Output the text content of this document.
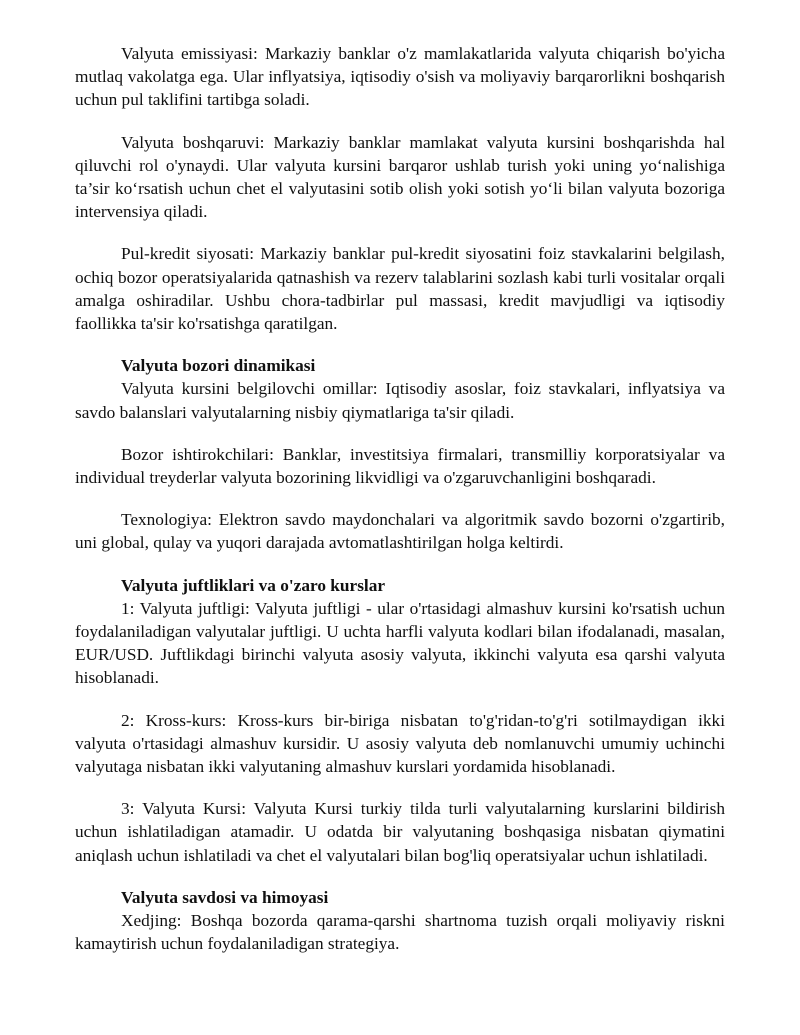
Valyuta emissiyasi: Markaziy banklar o'z mamlakatlarida valyuta chiqarish bo'yicha mutlaq vakolatga ega. Ular inflyatsiya, iqtisodiy o'sish va moliyaviy barqarorlikni boshqarish uchun pul taklifini tartibga soladi.

Valyuta boshqaruvi: Markaziy banklar mamlakat valyuta kursini boshqarishda hal qiluvchi rol o'ynaydi. Ular valyuta kursini barqaror ushlab turish yoki uning yo‘nalishiga ta’sir ko‘rsatish uchun chet el valyutasini sotib olish yoki sotish yo‘li bilan valyuta bozoriga intervensiya qiladi.

Pul-kredit siyosati: Markaziy banklar pul-kredit siyosatini foiz stavkalarini belgilash, ochiq bozor operatsiyalarida qatnashish va rezerv talablarini sozlash kabi turli vositalar orqali amalga oshiradilar. Ushbu chora-tadbirlar pul massasi, kredit mavjudligi va iqtisodiy faollikka ta'sir ko'rsatishga qaratilgan.

Valyuta bozori dinamikasi

Valyuta kursini belgilovchi omillar: Iqtisodiy asoslar, foiz stavkalari, inflyatsiya va savdo balanslari valyutalarning nisbiy qiymatlariga ta'sir qiladi.

Bozor ishtirokchilari: Banklar, investitsiya firmalari, transmilliy korporatsiyalar va individual treyderlar valyuta bozorining likvidligi va o'zgaruvchanligini boshqaradi.

Texnologiya: Elektron savdo maydonchalari va algoritmik savdo bozorni o'zgartirib, uni global, qulay va yuqori darajada avtomatlashtirilgan holga keltirdi.

Valyuta juftliklari va o'zaro kurslar

1: Valyuta juftligi: Valyuta juftligi - ular o'rtasidagi almashuv kursini ko'rsatish uchun foydalaniladigan valyutalar juftligi. U uchta harfli valyuta kodlari bilan ifodalanadi, masalan, EUR/USD. Juftlikdagi birinchi valyuta asosiy valyuta, ikkinchi valyuta esa qarshi valyuta hisoblanadi.

2: Kross-kurs: Kross-kurs bir-biriga nisbatan to'g'ridan-to'g'ri sotilmaydigan ikki valyuta o'rtasidagi almashuv kursidir. U asosiy valyuta deb nomlanuvchi umumiy uchinchi valyutaga nisbatan ikki valyutaning almashuv kurslari yordamida hisoblanadi.

3: Valyuta Kursi: Valyuta Kursi turkiy tilda turli valyutalarning kurslarini bildirish uchun ishlatiladigan atamadir. U odatda bir valyutaning boshqasiga nisbatan qiymatini aniqlash uchun ishlatiladi va chet el valyutalari bilan bog'liq operatsiyalar uchun ishlatiladi.

Valyuta savdosi va himoyasi

Xedjing: Boshqa bozorda qarama-qarshi shartnoma tuzish orqali moliyaviy riskni kamaytirish uchun foydalaniladigan strategiya.
